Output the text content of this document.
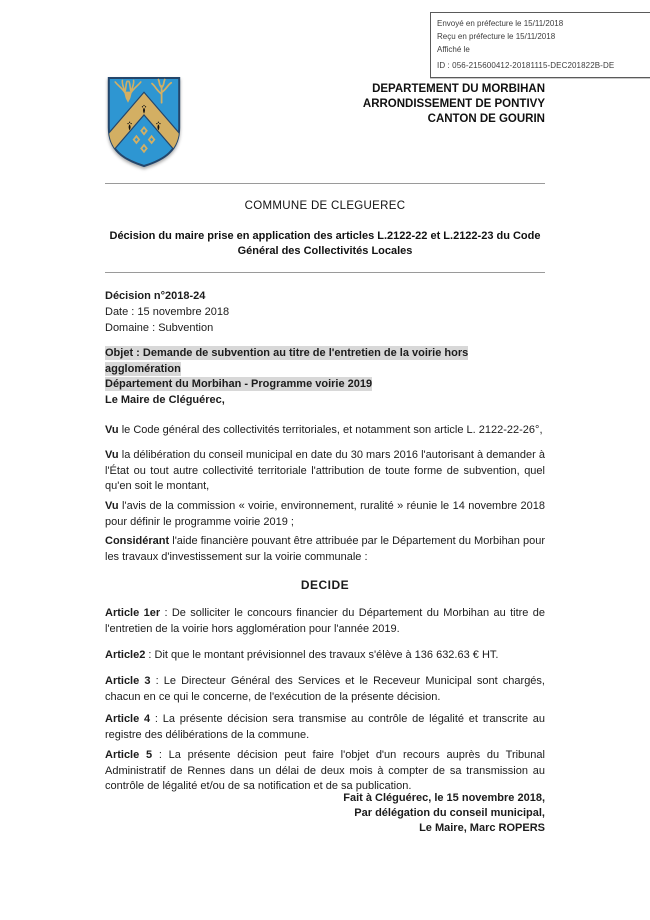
Envoyé en préfecture le 15/11/2018
Reçu en préfecture le 15/11/2018
Affiché le
ID : 056-215600412-20181115-DEC201822B-DE
DEPARTEMENT DU MORBIHAN
ARRONDISSEMENT DE PONTIVY
CANTON DE GOURIN
COMMUNE DE CLEGUEREC
Décision du maire prise en application des articles L.2122-22 et L.2122-23 du Code
Général des Collectivités Locales
Décision n°2018-24
Date : 15 novembre 2018
Domaine : Subvention
Objet : Demande de subvention au titre de l'entretien de la voirie hors agglomération
Département du Morbihan - Programme voirie 2019
Le Maire de Cléguérec,

Vu le Code général des collectivités territoriales, et notamment son article L. 2122-22-26°,

Vu la délibération du conseil municipal en date du 30 mars 2016 l'autorisant à demander à l'État ou tout autre collectivité territoriale l'attribution de toute forme de subvention, quel qu'en soit le montant,

Vu l'avis de la commission « voirie, environnement, ruralité » réunie le 14 novembre 2018 pour définir le programme voirie 2019 ;

Considérant l'aide financière pouvant être attribuée par le Département du Morbihan pour les travaux d'investissement sur la voirie communale :

DECIDE

Article 1er : De solliciter le concours financier du Département du Morbihan au titre de l'entretien de la voirie hors agglomération pour l'année 2019.

Article2 : Dit que le montant prévisionnel des travaux s'élève à 136 632.63 € HT.

Article 3 : Le Directeur Général des Services et le Receveur Municipal sont chargés, chacun en ce qui le concerne, de l'exécution de la présente décision.

Article 4 : La présente décision sera transmise au contrôle de légalité et transcrite au registre des délibérations de la commune.

Article 5 : La présente décision peut faire l'objet d'un recours auprès du Tribunal Administratif de Rennes dans un délai de deux mois à compter de sa transmission au contrôle de légalité et/ou de sa notification et de sa publication.

Fait à Cléguérec, le 15 novembre 2018,
Par délégation du conseil municipal,
Le Maire, Marc ROPERS
